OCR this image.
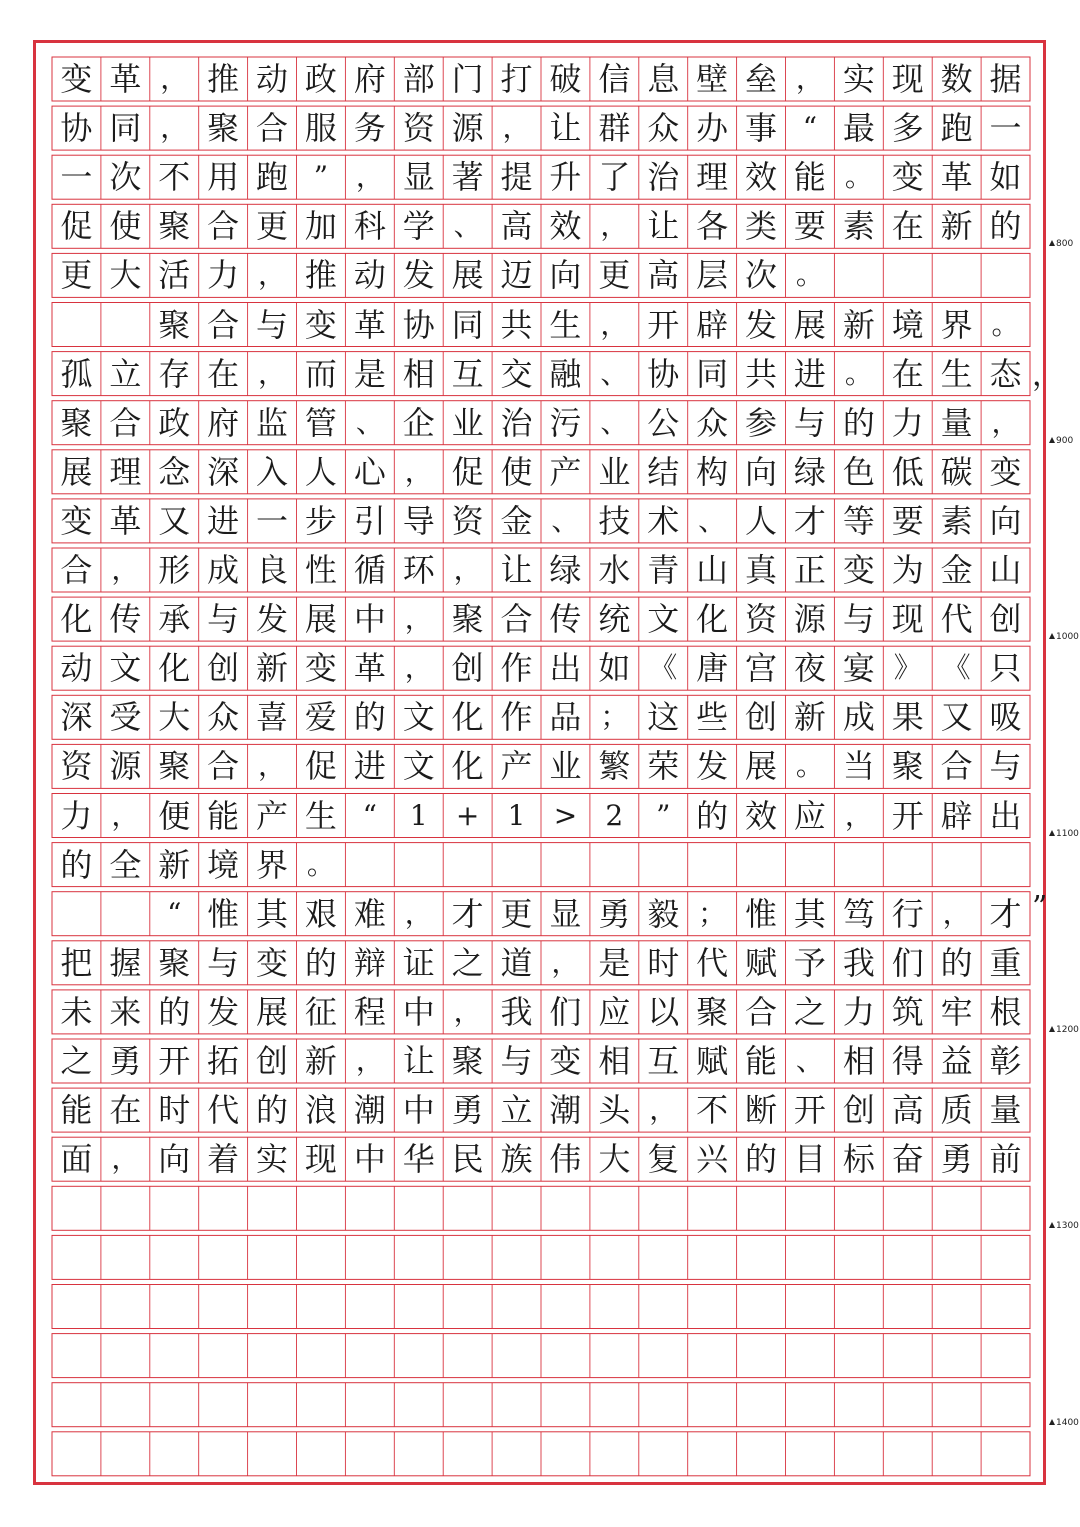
变 革 ， 推 动 政 府 部 门 打 破 信 息 壁 垒 ， 实 现 数 据
协 同 ， 聚 合 服 务 资 源 ， 让 群 众 办 事 “ 最 多 跑 一
一 次 不 用 跑 ” ， 显 著 提 升 了 治 理 效 能 。 变 革 如
促 使 聚 合 更 加 科 学 、 高 效 ， 让 各 类 要 素 在 新 的
更 大 活 力 ， 推 动 发 展 迈 向 更 高 层 次 。
聚 合 与 变 革 协 同 共 生 ， 开 辟 发 展 新 境 界 。
孤 立 存 在 ， 而 是 相 互 交 融 、 协 同 共 进 。 在 生 态
聚 合 政 府 监 管 、 企 业 治 污 、 公 众 参 与 的 力 量 ，
展 理 念 深 入 人 心 ， 促 使 产 业 结 构 向 绿 色 低 碳 变
变 革 又 进 一 步 引 导 资 金 、 技 术 、 人 才 等 要 素 向
合 ， 形 成 良 性 循 环 ， 让 绿 水 青 山 真 正 变 为 金 山
化 传 承 与 发 展 中 ， 聚 合 传 统 文 化 资 源 与 现 代 创
动 文 化 创 新 变 革 ， 创 作 出 如 《 唐 宫 夜 宴 》 《 只
深 受 大 众 喜 爱 的 文 化 作 品 ； 这 些 创 新 成 果 又 吸
资 源 聚 合 ， 促 进 文 化 产 业 繁 荣 发 展 。 当 聚 合 与
力 ， 便 能 产 生 “	1	+	1	>	2	” 的 效 应 ， 开 辟 出
的 全 新 境 界 。
“ 惟 其 艰 难 ， 才 更 显 勇 毅 ； 惟 其 笃 行 ， 才
把 握 聚 与 变 的 辩 证 之 道 ， 是 时 代 赋 予 我 们 的 重
未 来 的 发 展 征 程 中 ， 我 们 应 以 聚 合 之 力 筑 牢 根
之 勇 开 拓 创 新 ， 让 聚 与 变 相 互 赋 能 、 相 得 益 彰
能 在 时 代 的 浪 潮 中 勇 立 潮 头 ， 不 断 开 创 高 质 量
面 ， 向 着 实 现 中 华 民 族 伟 大 复 兴 的 目 标 奋 勇 前
，
”
800
900
1000
1100
1200
1300
1400
